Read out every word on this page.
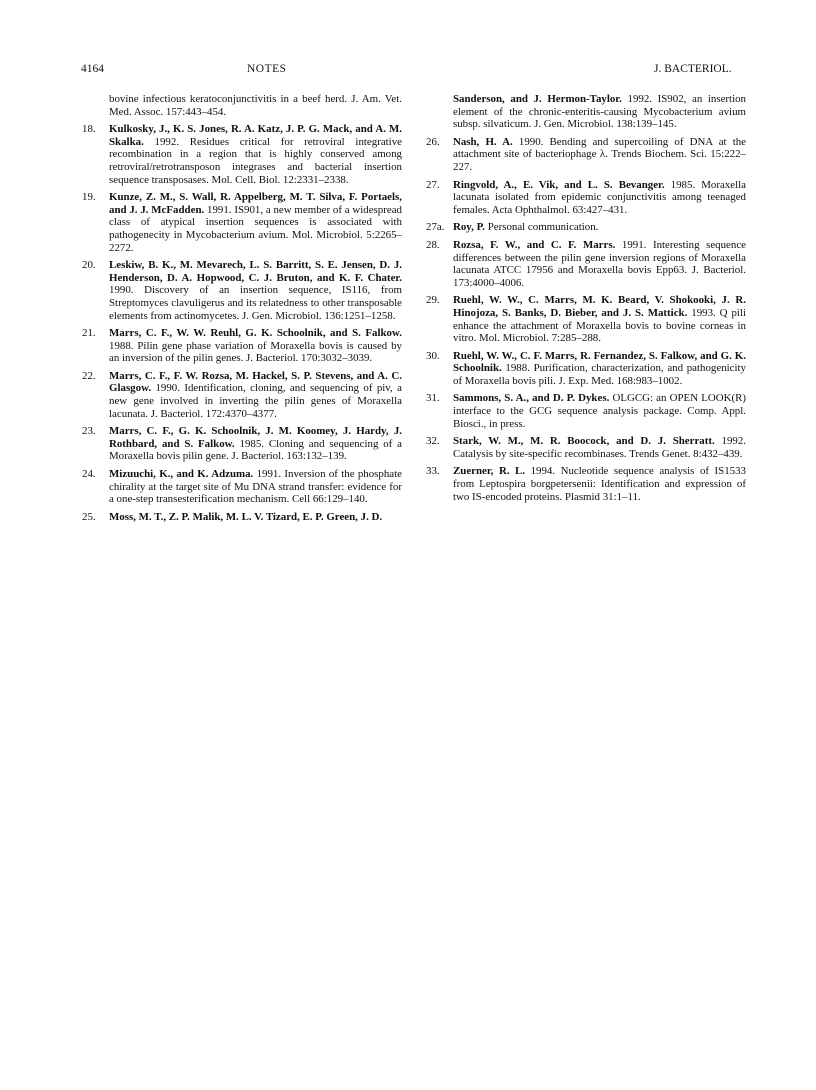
4164	NOTES	J. BACTERIOL.
bovine infectious keratoconjunctivitis in a beef herd. J. Am. Vet. Med. Assoc. 157:443–454.
18.	Kulkosky, J., K. S. Jones, R. A. Katz, J. P. G. Mack, and A. M. Skalka. 1992. Residues critical for retroviral integrative recombination in a region that is highly conserved among retroviral/retrotransposon integrases and bacterial insertion sequence transposases. Mol. Cell. Biol. 12:2331–2338.
19.	Kunze, Z. M., S. Wall, R. Appelberg, M. T. Silva, F. Portaels, and J. J. McFadden. 1991. IS901, a new member of a widespread class of atypical insertion sequences is associated with pathogenecity in Mycobacterium avium. Mol. Microbiol. 5:2265–2272.
20.	Leskiw, B. K., M. Mevarech, L. S. Barritt, S. E. Jensen, D. J. Henderson, D. A. Hopwood, C. J. Bruton, and K. F. Chater. 1990. Discovery of an insertion sequence, IS116, from Streptomyces clavuligerus and its relatedness to other transposable elements from actinomycetes. J. Gen. Microbiol. 136:1251–1258.
21.	Marrs, C. F., W. W. Reuhl, G. K. Schoolnik, and S. Falkow. 1988. Pilin gene phase variation of Moraxella bovis is caused by an inversion of the pilin genes. J. Bacteriol. 170:3032–3039.
22.	Marrs, C. F., F. W. Rozsa, M. Hackel, S. P. Stevens, and A. C. Glasgow. 1990. Identification, cloning, and sequencing of piv, a new gene involved in inverting the pilin genes of Moraxella lacunata. J. Bacteriol. 172:4370–4377.
23.	Marrs, C. F., G. K. Schoolnik, J. M. Koomey, J. Hardy, J. Rothbard, and S. Falkow. 1985. Cloning and sequencing of a Moraxella bovis pilin gene. J. Bacteriol. 163:132–139.
24.	Mizuuchi, K., and K. Adzuma. 1991. Inversion of the phosphate chirality at the target site of Mu DNA strand transfer: evidence for a one-step transesterification mechanism. Cell 66:129–140.
25.	Moss, M. T., Z. P. Malik, M. L. V. Tizard, E. P. Green, J. D.
Sanderson, and J. Hermon-Taylor. 1992. IS902, an insertion element of the chronic-enteritis-causing Mycobacterium avium subsp. silvaticum. J. Gen. Microbiol. 138:139–145.
26.	Nash, H. A. 1990. Bending and supercoiling of DNA at the attachment site of bacteriophage λ. Trends Biochem. Sci. 15:222–227.
27.	Ringvold, A., E. Vik, and L. S. Bevanger. 1985. Moraxella lacunata isolated from epidemic conjunctivitis among teenaged females. Acta Ophthalmol. 63:427–431.
27a. Roy, P. Personal communication.
28.	Rozsa, F. W., and C. F. Marrs. 1991. Interesting sequence differences between the pilin gene inversion regions of Moraxella lacunata ATCC 17956 and Moraxella bovis Epp63. J. Bacteriol. 173:4000–4006.
29.	Ruehl, W. W., C. Marrs, M. K. Beard, V. Shokooki, J. R. Hinojoza, S. Banks, D. Bieber, and J. S. Mattick. 1993. Q pili enhance the attachment of Moraxella bovis to bovine corneas in vitro. Mol. Microbiol. 7:285–288.
30.	Ruehl, W. W., C. F. Marrs, R. Fernandez, S. Falkow, and G. K. Schoolnik. 1988. Purification, characterization, and pathogenicity of Moraxella bovis pili. J. Exp. Med. 168:983–1002.
31.	Sammons, S. A., and D. P. Dykes. OLGCG: an OPEN LOOK(R) interface to the GCG sequence analysis package. Comp. Appl. Biosci., in press.
32.	Stark, W. M., M. R. Boocock, and D. J. Sherratt. 1992. Catalysis by site-specific recombinases. Trends Genet. 8:432–439.
33.	Zuerner, R. L. 1994. Nucleotide sequence analysis of IS1533 from Leptospira borgpetersenii: Identification and expression of two IS-encoded proteins. Plasmid 31:1–11.
